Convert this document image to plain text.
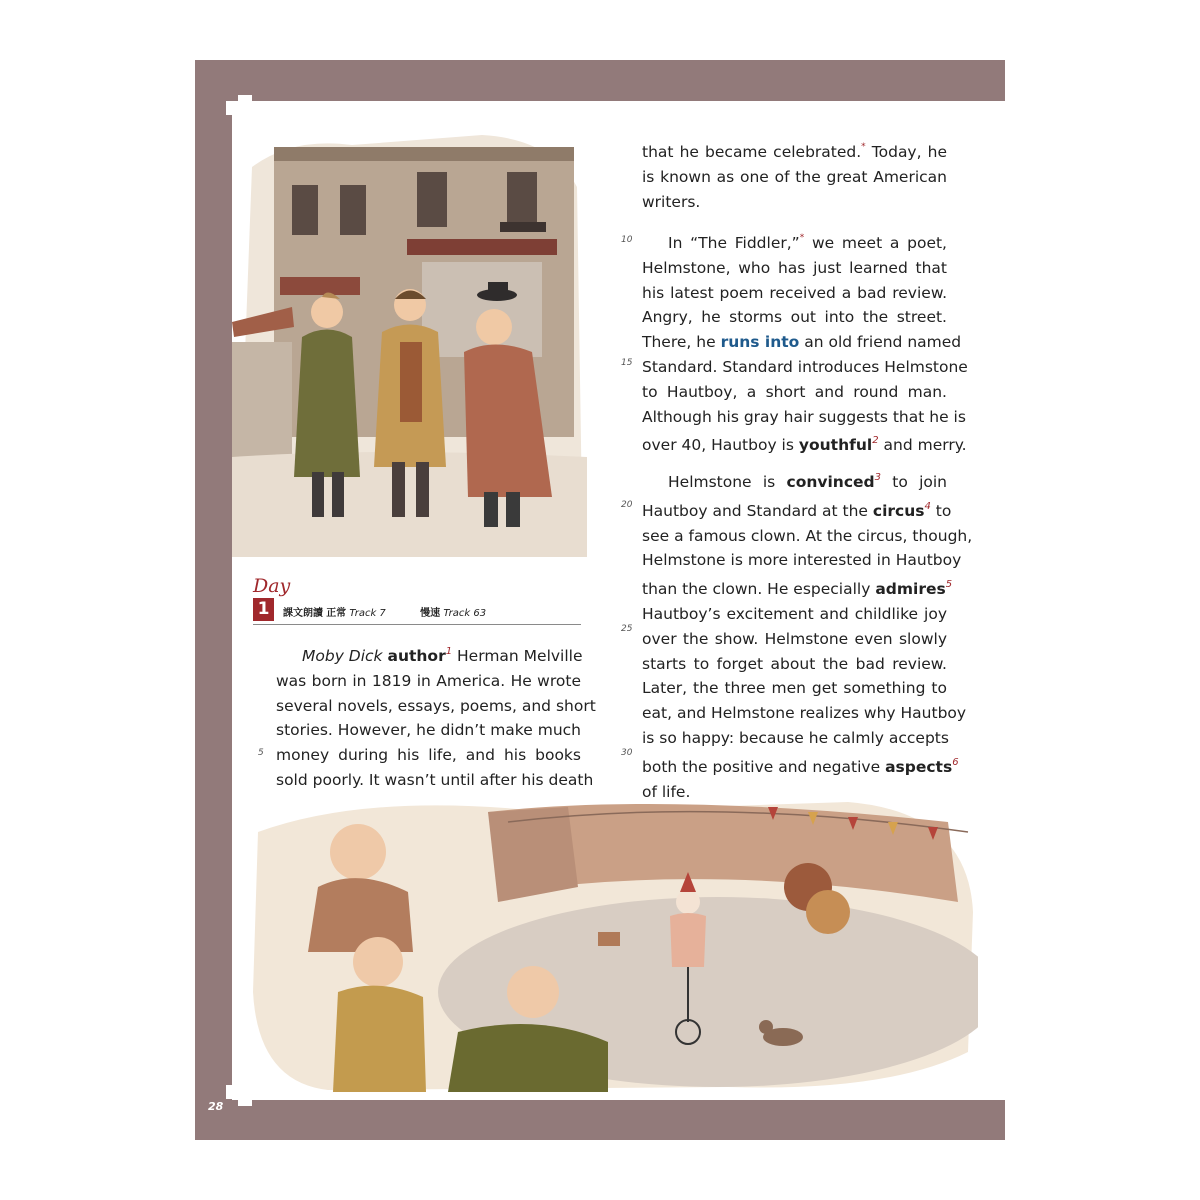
28
Day
1	課文朗讀 正常 Track 7	慢速 Track 63
Moby Dick author$^1$ Herman Melville
was born in 1819 in America. He wrote
several novels, essays, poems, and short
stories. However, he didn’t make much
money during his life, and his books
sold poorly. It wasn’t until after his death
5
that he became celebrated.* Today, he
is known as one of the great American
writers.
In “The Fiddler,”* we meet a poet,
Helmstone, who has just learned that
his latest poem received a bad review.
Angry, he storms out into the street.
There, he runs into an old friend named
Standard. Standard introduces Helmstone
to Hautboy, a short and round man.
Although his gray hair suggests that he is
over 40, Hautboy is youthful$^2$ and merry.
Helmstone is convinced$^3$ to join
Hautboy and Standard at the circus$^4$ to
see a famous clown. At the circus, though,
Helmstone is more interested in Hautboy
than the clown. He especially admires$^5$
Hautboy’s excitement and childlike joy
over the show. Helmstone even slowly
starts to forget about the bad review.
Later, the three men get something to
eat, and Helmstone realizes why Hautboy
is so happy: because he calmly accepts
both the positive and negative aspects$^6$
of life.
10
15
20
25
30
